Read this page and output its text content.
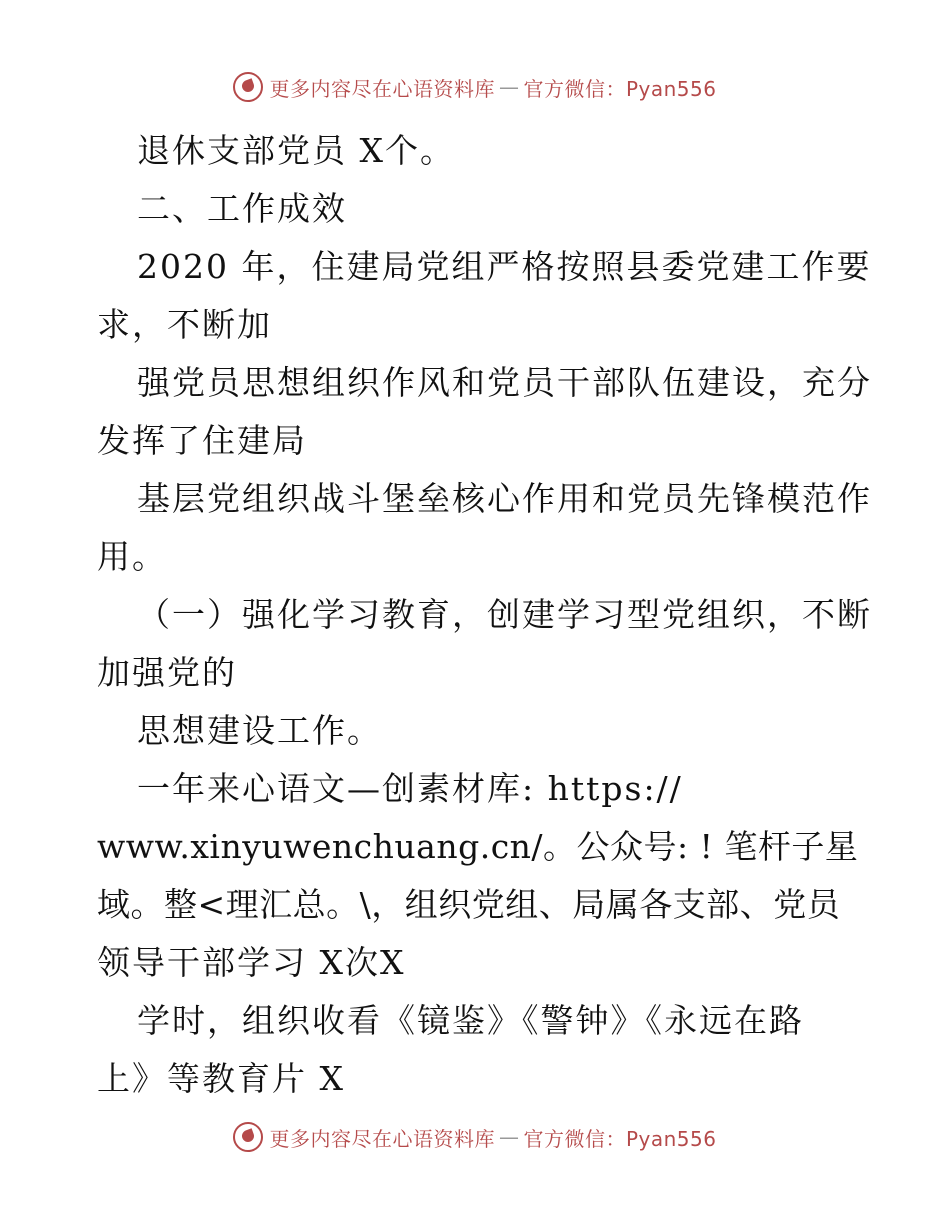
更多内容尽在心语资料库 — 官方微信：Pyan556
退休支部党员 X个。
二、工作成效
2020 年，住建局党组严格按照县委党建工作要
求，不断加
强党员思想组织作风和党员干部队伍建设，充分
发挥了住建局
基层党组织战斗堡垒核心作用和党员先锋模范作
用。
（一）强化学习教育，创建学习型党组织，不断
加强党的
思想建设工作。
一年来心语文—创素材库: https://
www.xinyuwenchuang.cn/。公众号: ! 笔杆子星
域。整<理汇总。\，组织党组、局属各支部、党员
领导干部学习 X次X
学时，组织收看《镜鉴》《警钟》《永远在路
上》等教育片 X
更多内容尽在心语资料库 — 官方微信：Pyan556
